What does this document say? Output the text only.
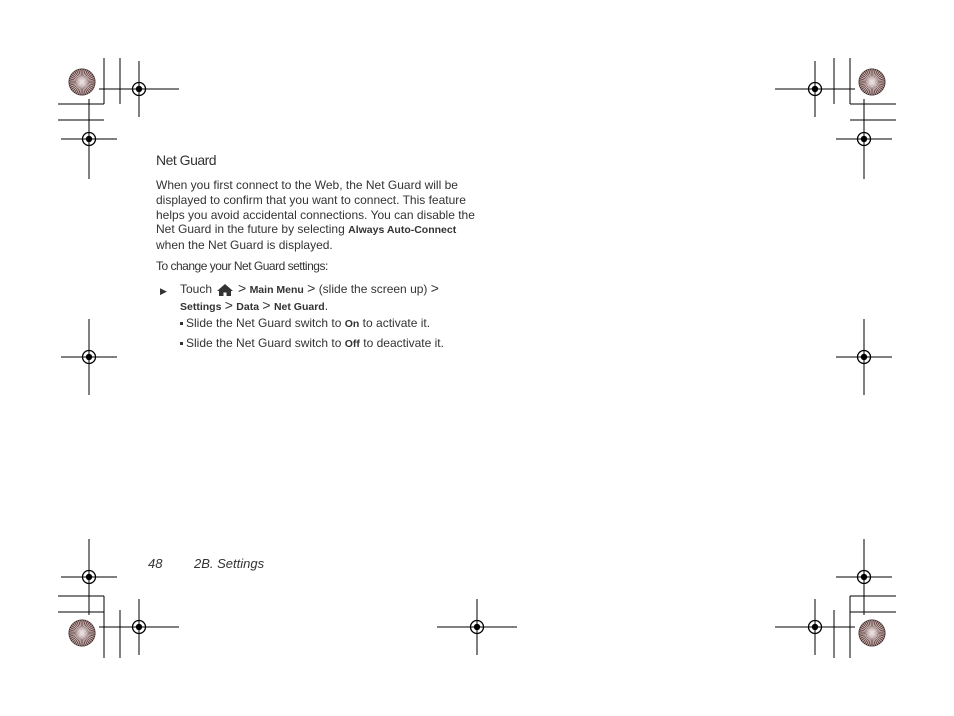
Net Guard
When you first connect to the Web, the Net Guard will be displayed to confirm that you want to connect. This feature helps you avoid accidental connections. You can disable the Net Guard in the future by selecting Always Auto-Connect when the Net Guard is displayed.
To change your Net Guard settings:
▶ Touch > Main Menu > (slide the screen up) >
Settings > Data > Net Guard.
Slide the Net Guard switch to On to activate it.
Slide the Net Guard switch to Off to deactivate it.
48 2B. Settings
